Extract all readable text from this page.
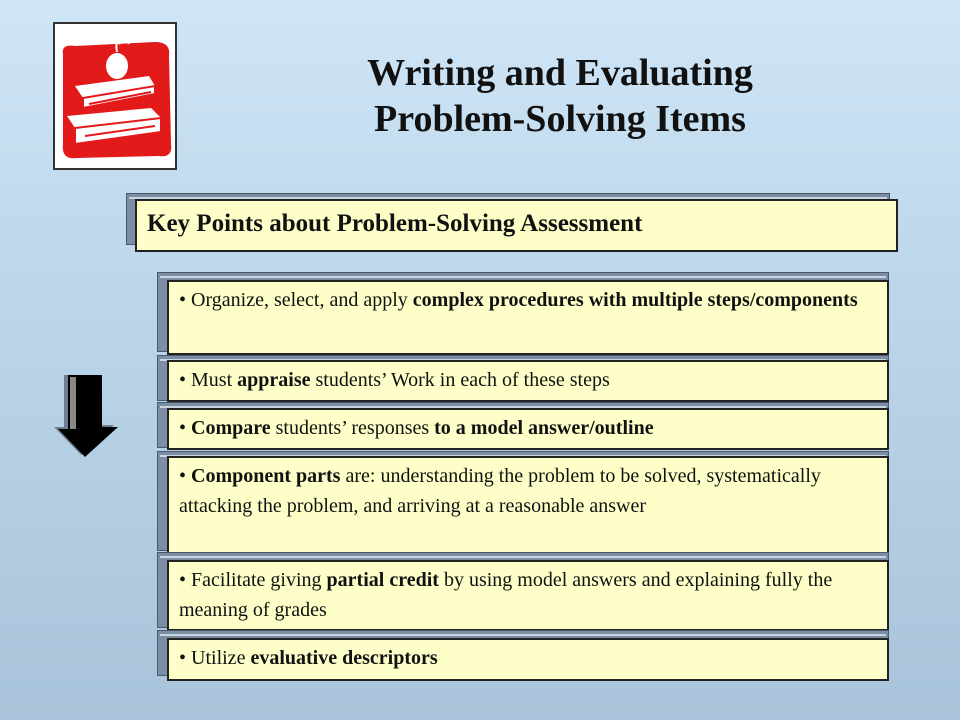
Writing and Evaluating
Problem-Solving Items
Key Points about Problem-Solving Assessment
• Organize, select, and apply complex procedures with multiple steps/components
• Must appraise students’ Work in each of these steps
• Compare students’ responses to a model answer/outline
• Component parts are: understanding the problem to be solved, systematically attacking the problem, and arriving at a reasonable answer
• Facilitate giving partial credit by using model answers and explaining fully the meaning of grades
• Utilize evaluative descriptors
